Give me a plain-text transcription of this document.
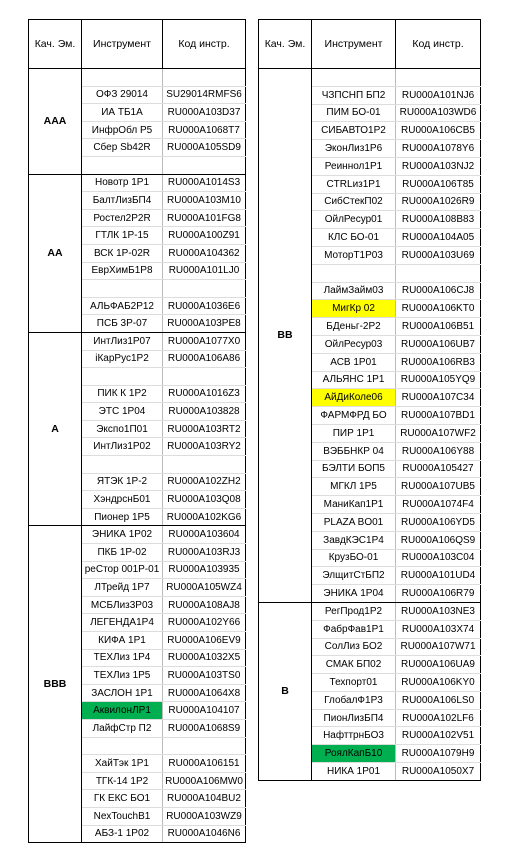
Кач. Эм.	Инструмент	Код инстр.
AAA		
	ОФЗ 29014	SU29014RMFS6
	ИА ТБ1А	RU000A103D37
	ИнфрОбл Р5	RU000A1068T7
	Сбер Sb42R	RU000A105SD9

AA	Новотр 1Р1	RU000A1014S3
	БалтЛизБП4	RU000A103M10
	Ростел2Р2R	RU000A101FG8
	ГТЛК 1Р-15	RU000A100Z91
	ВСК 1Р-02R	RU000A104362
	ЕврХимБ1Р8	RU000A101LJ0

	АЛЬФАБ2Р12	RU000A1036E6
	ПСБ 3Р-07	RU000A103PE8
A	ИнтЛиз1Р07	RU000A1077X0
	iКарРус1Р2	RU000A106A86

	ПИК К 1Р2	RU000A1016Z3
	ЭТС 1Р04	RU000A103828
	Экспо1П01	RU000A103RT2
	ИнтЛиз1Р02	RU000A103RY2

	ЯТЭК 1Р-2	RU000A102ZH2
	ХэндрснБ01	RU000A103Q08
	Пионер 1Р5	RU000A102KG6
BBB	ЭНИКА 1Р02	RU000A103604
	ПКБ 1Р-02	RU000A103RJ3
	реСтор 001Р-01	RU000A103935
	ЛТрейд 1Р7	RU000A105WZ4
	МСБЛиз3Р03	RU000A108AJ8
	ЛЕГЕНДА1Р4	RU000A102Y66
	КИФА 1Р1	RU000A106EV9
	ТЕХЛиз 1Р4	RU000A1032X5
	ТЕХЛиз 1Р5	RU000A103TS0
	ЗАСЛОН 1Р1	RU000A1064X8
	АквилонЛР1	RU000A104107
	ЛайфСтр П2	RU000A1068S9

	ХайТэк 1Р1	RU000A106151
	ТГК-14 1Р2	RU000A106MW0
	ГК ЕКС БО1	RU000A104BU2
	NexTouchB1	RU000A103WZ9
	АБЗ-1 1Р02	RU000A1046N6
Кач. Эм.	Инструмент	Код инстр.
BB		
	ЧЗПСНП БП2	RU000A101NJ6
	ПИМ БО-01	RU000A103WD6
	СИБАВТО1Р2	RU000A106CB5
	ЭконЛиз1Р6	RU000A1078Y6
	Реиннол1Р1	RU000A103NJ2
	CTRLиз1Р1	RU000A106T85
	СибСтекП02	RU000A1026R9
	ОйлРесур01	RU000A108B83
	КЛС БО-01	RU000A104A05
	МоторТ1Р03	RU000A103U69

	ЛаймЗайм03	RU000A106CJ8
	МигКр 02	RU000A106KT0
	БДеньг-2Р2	RU000A106B51
	ОйлРесур03	RU000A106UB7
	АСВ 1Р01	RU000A106RB3
	АЛЬЯНС 1Р1	RU000A105YQ9
	АйДиКоле06	RU000A107C34
	ФАРМФРД БО	RU000A107BD1
	ПИР 1Р1	RU000A107WF2
	ВЭББНКР 04	RU000A106Y88
	БЭЛТИ БОП5	RU000A105427
	МГКЛ 1Р5	RU000A107UB5
	МаниКап1Р1	RU000A1074F4
	PLAZA BO01	RU000A106YD5
	ЗавдКЭС1Р4	RU000A106QS9
	КрузБО-01	RU000A103C04
	ЭлщитСтБП2	RU000A101UD4
	ЭНИКА 1Р04	RU000A106R79
B	РегПрод1Р2	RU000A103NE3
	ФабрФав1Р1	RU000A103X74
	СолЛиз БО2	RU000A107W71
	СМАК БП02	RU000A106UA9
	Техпорт01	RU000A106KY0
	ГлобалФ1Р3	RU000A106LS0
	ПионЛизБП4	RU000A102LF6
	НафттрнБО3	RU000A102V51
	РоялКапБ10	RU000A1079H9
	НИКА 1Р01	RU000A1050X7
